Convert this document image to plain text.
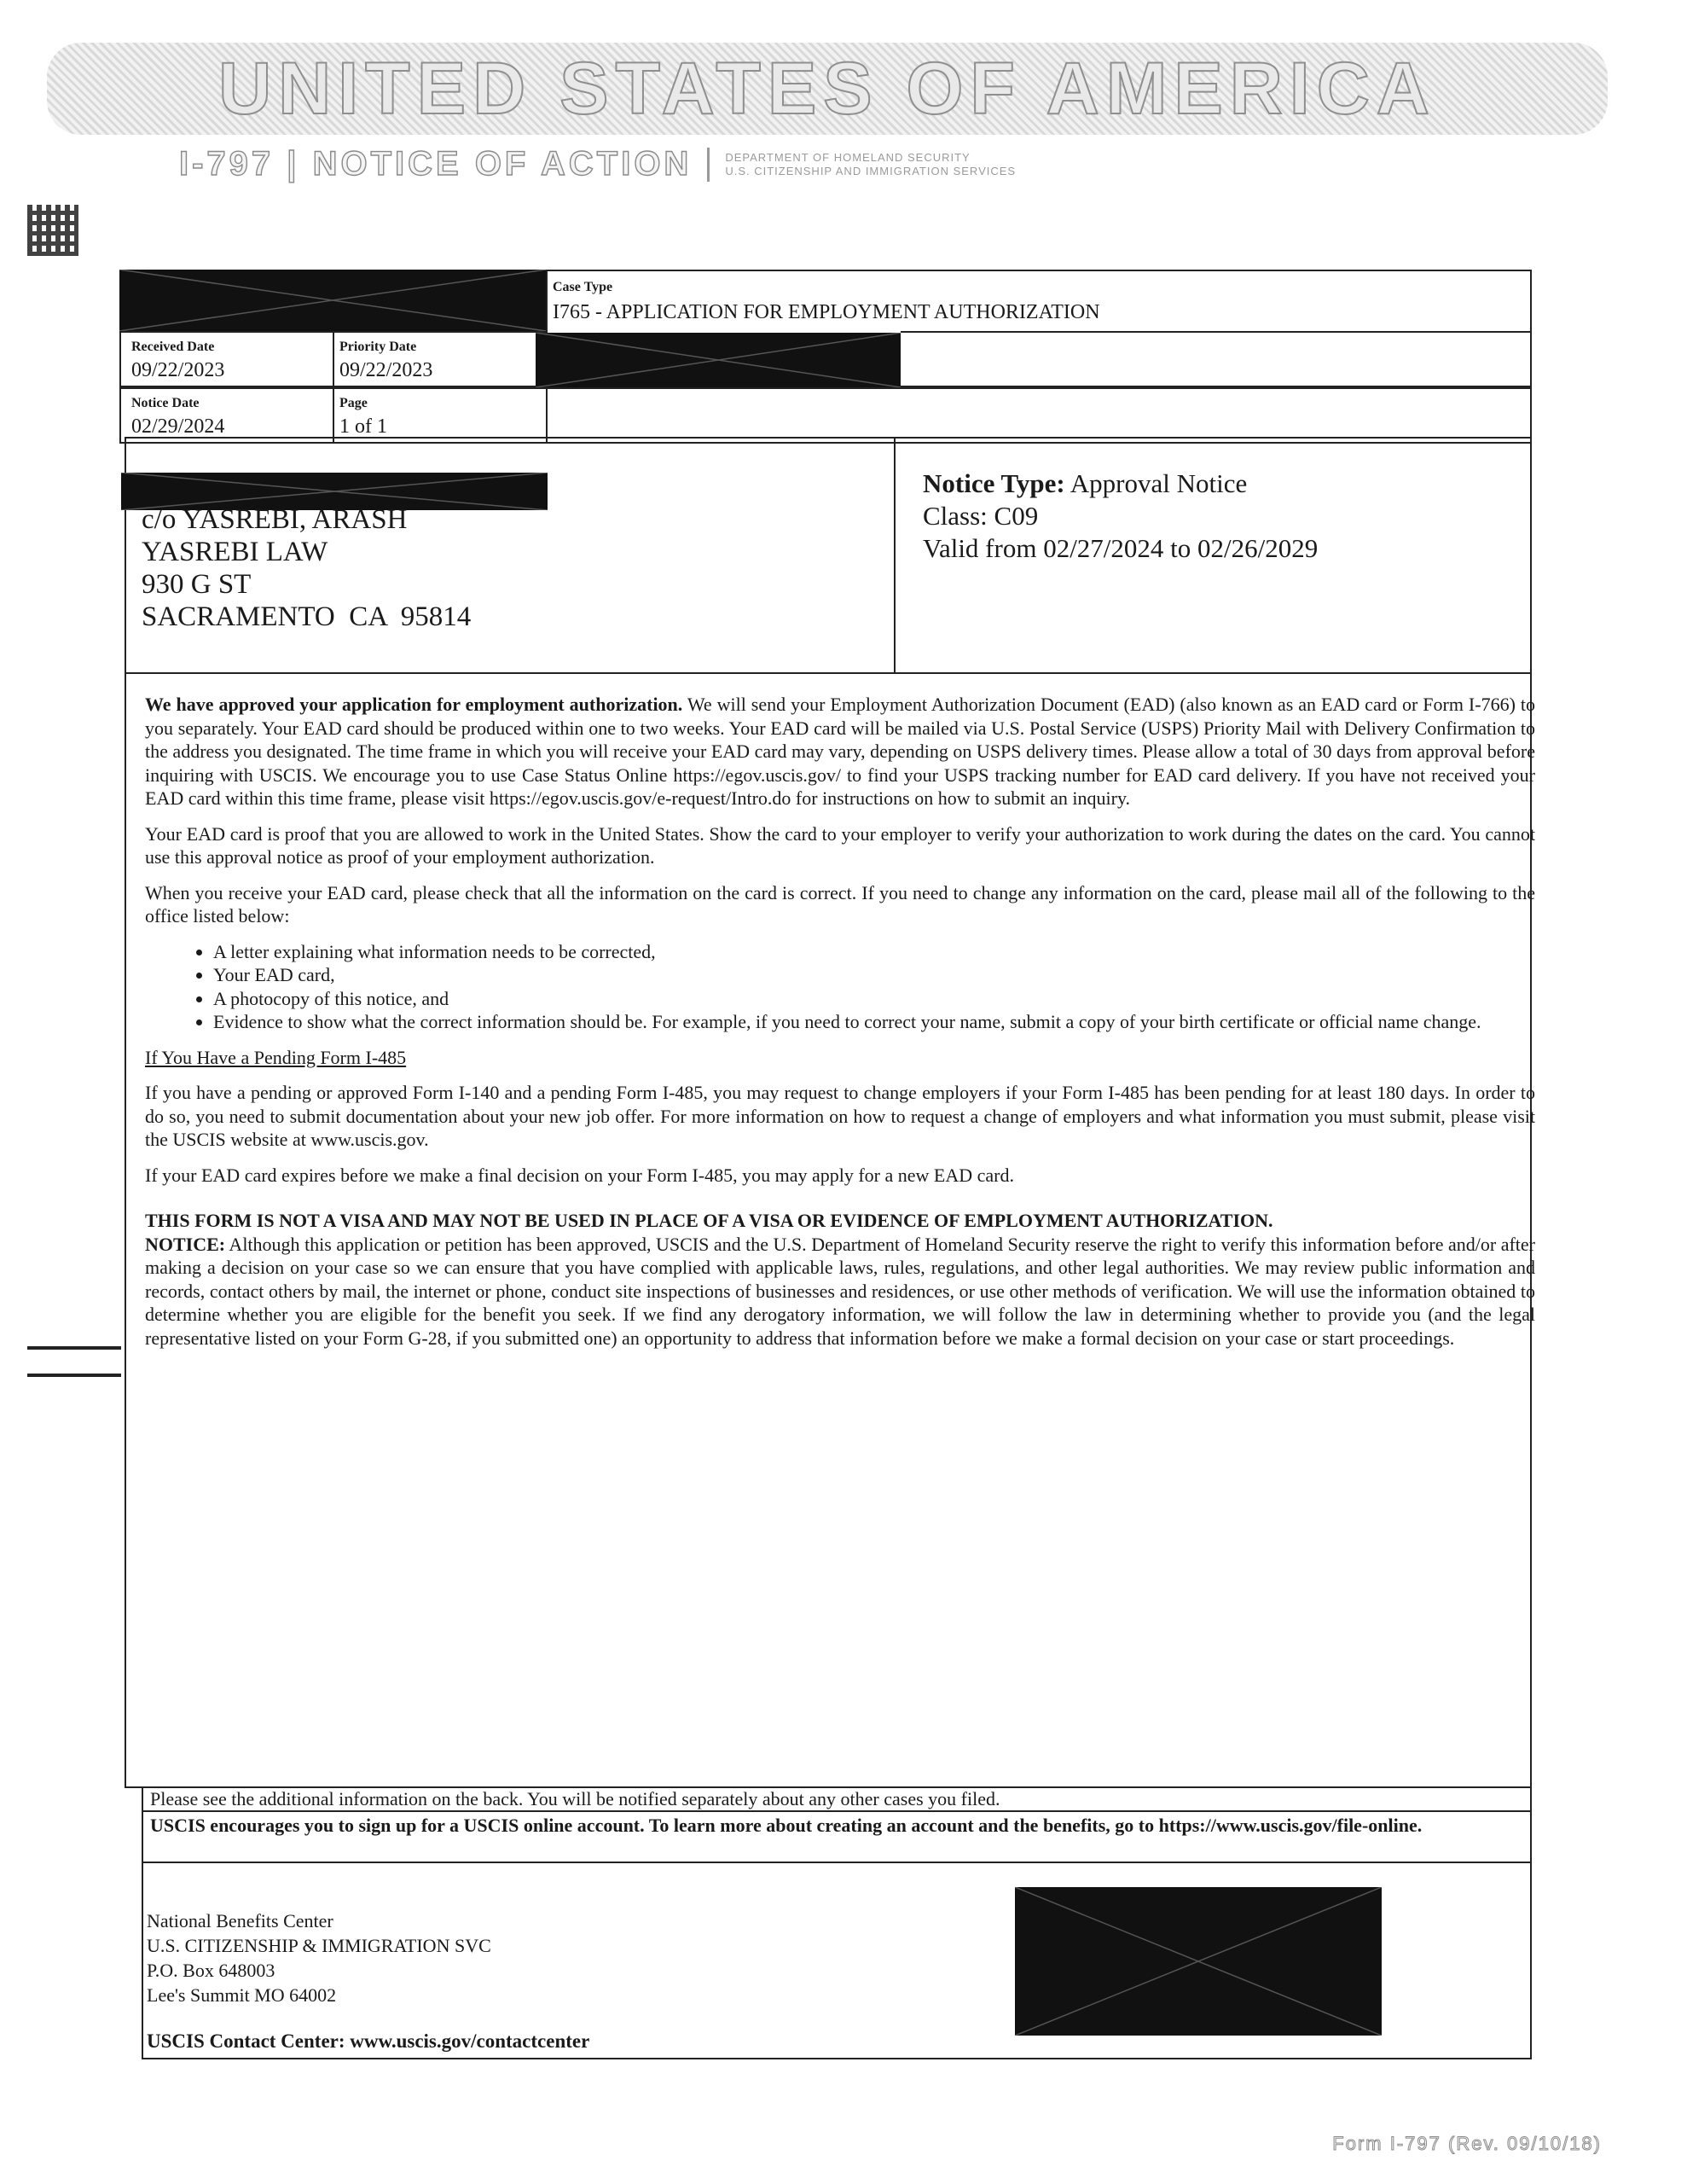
UNITED STATES OF AMERICA
I-797 | NOTICE OF ACTION	DEPARTMENT OF HOMELAND SECURITY
U.S. CITIZENSHIP AND IMMIGRATION SERVICES
Case Type
I765 - APPLICATION FOR EMPLOYMENT AUTHORIZATION
Received Date
09/22/2023
Priority Date
09/22/2023
Notice Date
02/29/2024
Page
1 of 1
c/o YASREBI, ARASH
YASREBI LAW
930 G ST
SACRAMENTO  CA  95814
Notice Type: Approval Notice
Class: C09
Valid from 02/27/2024 to 02/26/2029

We have approved your application for employment authorization. We will send your Employment Authorization Document (EAD) (also known as an EAD card or Form I-766) to you separately. Your EAD card should be produced within one to two weeks. Your EAD card will be mailed via U.S. Postal Service (USPS) Priority Mail with Delivery Confirmation to the address you designated. The time frame in which you will receive your EAD card may vary, depending on USPS delivery times. Please allow a total of 30 days from approval before inquiring with USCIS. We encourage you to use Case Status Online https://egov.uscis.gov/ to find your USPS tracking number for EAD card delivery. If you have not received your EAD card within this time frame, please visit https://egov.uscis.gov/e-request/Intro.do for instructions on how to submit an inquiry.

Your EAD card is proof that you are allowed to work in the United States. Show the card to your employer to verify your authorization to work during the dates on the card. You cannot use this approval notice as proof of your employment authorization.

When you receive your EAD card, please check that all the information on the card is correct. If you need to change any information on the card, please mail all of the following to the office listed below:

• A letter explaining what information needs to be corrected,
• Your EAD card,
• A photocopy of this notice, and
• Evidence to show what the correct information should be. For example, if you need to correct your name, submit a copy of your birth certificate or official name change.

If You Have a Pending Form I-485

If you have a pending or approved Form I-140 and a pending Form I-485, you may request to change employers if your Form I-485 has been pending for at least 180 days. In order to do so, you need to submit documentation about your new job offer. For more information on how to request a change of employers and what information you must submit, please visit the USCIS website at www.uscis.gov.

If your EAD card expires before we make a final decision on your Form I-485, you may apply for a new EAD card.

THIS FORM IS NOT A VISA AND MAY NOT BE USED IN PLACE OF A VISA OR EVIDENCE OF EMPLOYMENT AUTHORIZATION.

NOTICE: Although this application or petition has been approved, USCIS and the U.S. Department of Homeland Security reserve the right to verify this information before and/or after making a decision on your case so we can ensure that you have complied with applicable laws, rules, regulations, and other legal authorities. We may review public information and records, contact others by mail, the internet or phone, conduct site inspections of businesses and residences, or use other methods of verification. We will use the information obtained to determine whether you are eligible for the benefit you seek. If we find any derogatory information, we will follow the law in determining whether to provide you (and the legal representative listed on your Form G-28, if you submitted one) an opportunity to address that information before we make a formal decision on your case or start proceedings.

Please see the additional information on the back. You will be notified separately about any other cases you filed.
USCIS encourages you to sign up for a USCIS online account. To learn more about creating an account and the benefits, go to https://www.uscis.gov/file-online.
National Benefits Center
U.S. CITIZENSHIP & IMMIGRATION SVC
P.O. Box 648003
Lee's Summit MO 64002
USCIS Contact Center: www.uscis.gov/contactcenter
Form I-797 (Rev. 09/10/18)
